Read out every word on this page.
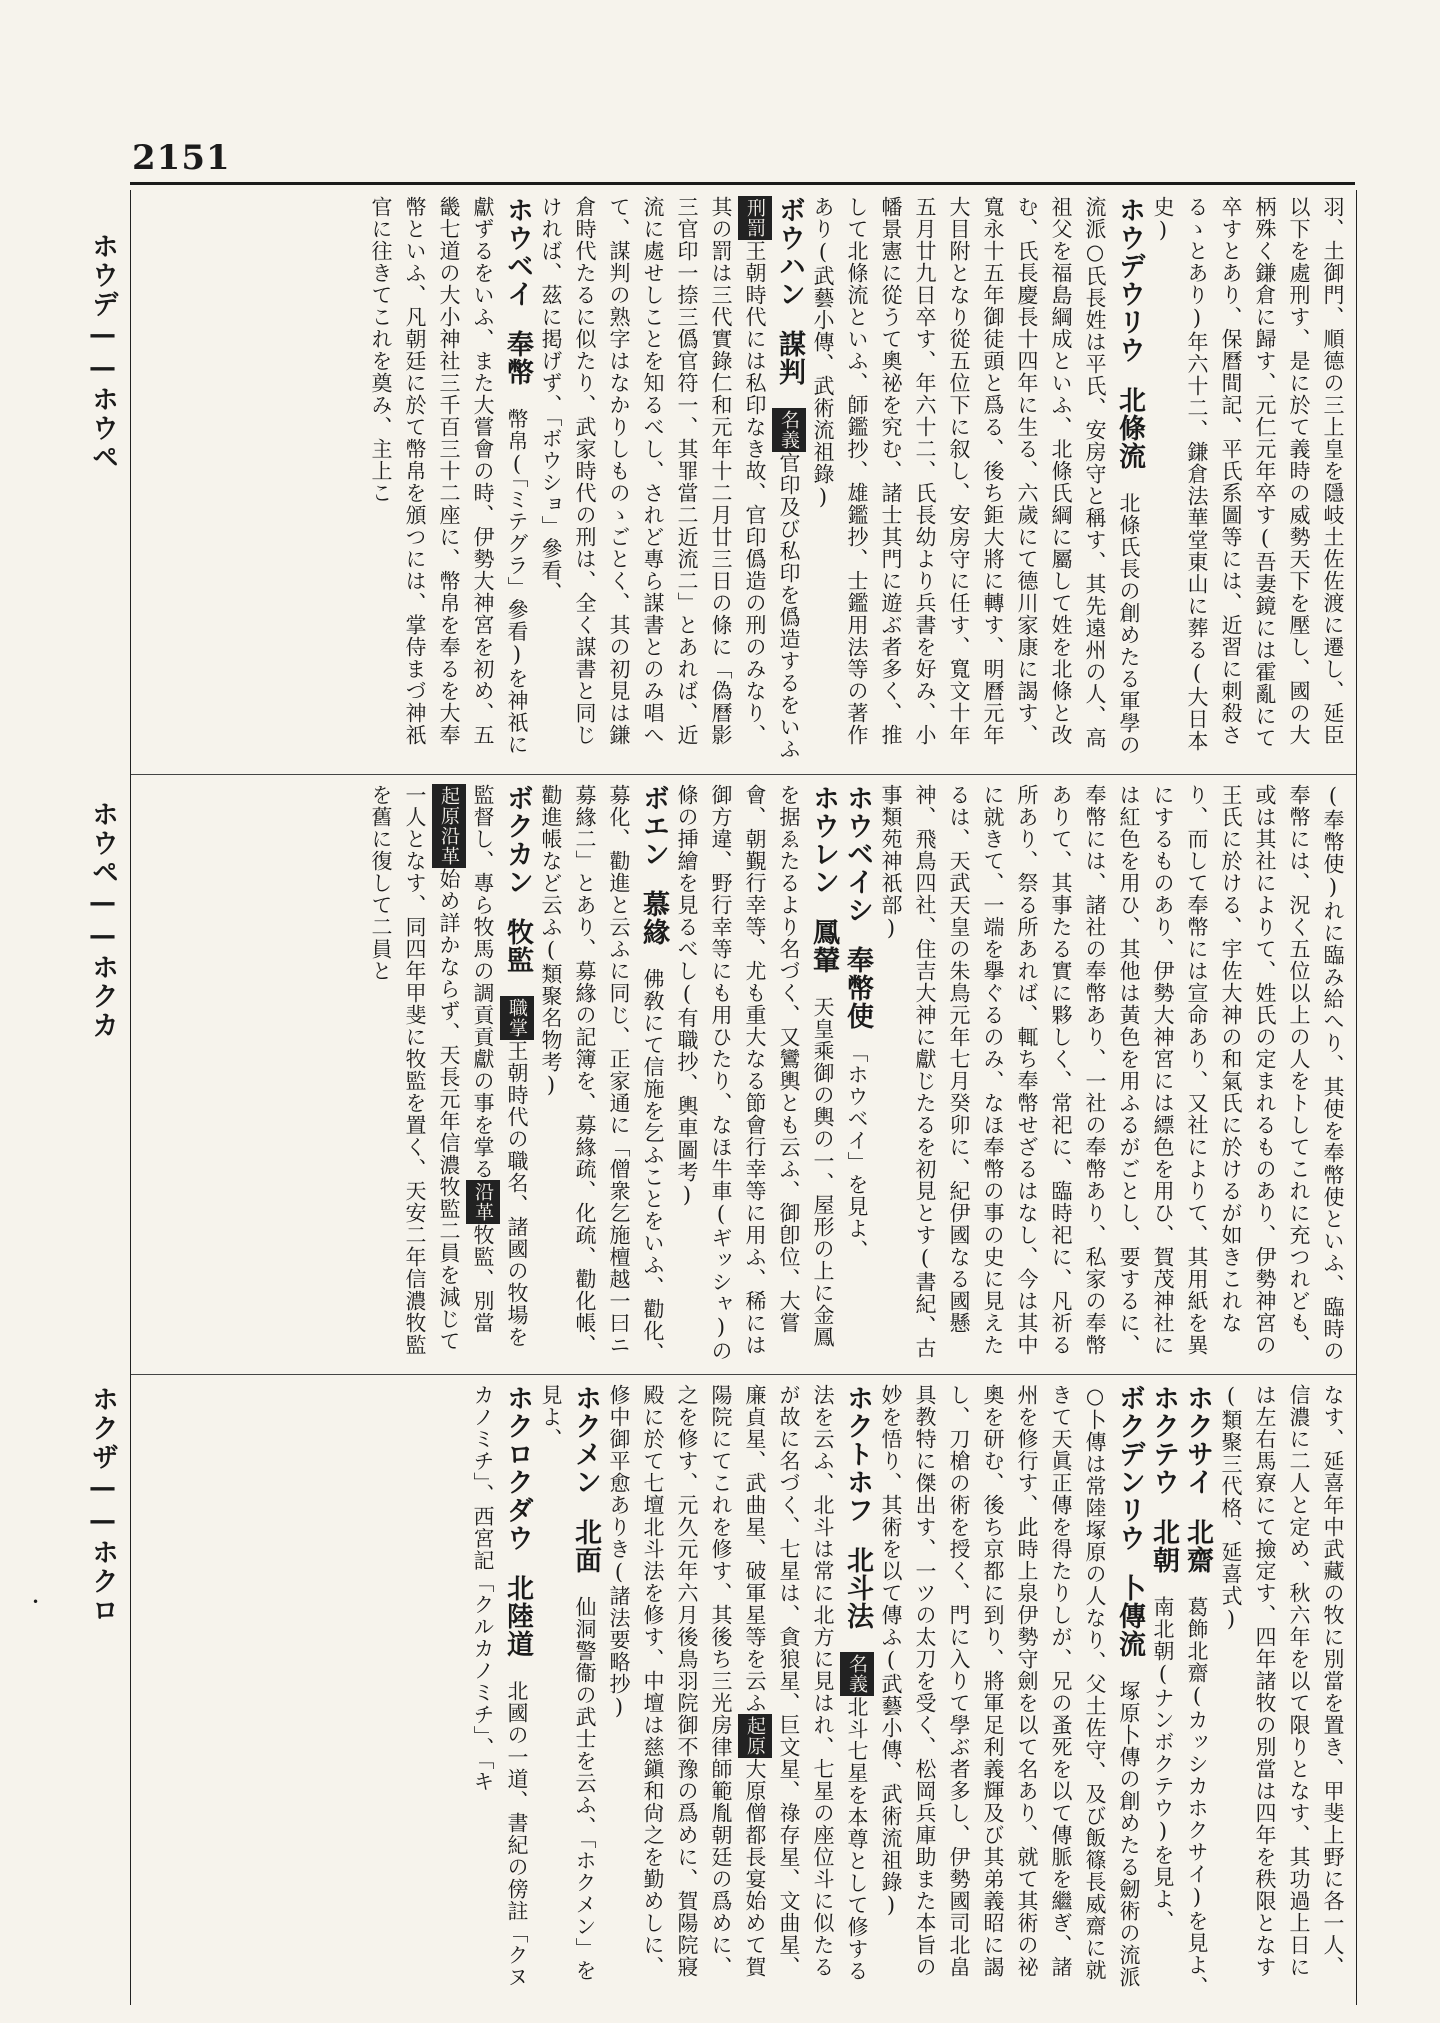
2151
ホウデ——ホウペ
ホウペ——ホクカ
ホクザ——ホクロ
•

羽、土御門、順德の三上皇を隱岐土佐佐渡に遷し、延臣以下を處刑す、是に於て義時の威勢天下を壓し、國の大柄殊く鎌倉に歸す、元仁元年卒す(吾妻鏡には霍亂にて卒すとあり、保曆間記、平氏系圖等には、近習に刺殺さるゝとあり)年六十二、鎌倉法華堂東山に葬る(大日本史)

ホウデウリウ　北條流　北條氏長の創めたる軍學の流派○氏長姓は平氏、安房守と稱す、其先遠州の人、高祖父を福島綱成といふ、北條氏綱に屬して姓を北條と改む、氏長慶長十四年に生る、六歲にて德川家康に謁す、寬永十五年御徒頭と爲る、後ち鉅大將に轉す、明曆元年大目附となり從五位下に叙し、安房守に任す、寬文十年五月廿九日卒す、年六十二、氏長幼より兵書を好み、小幡景憲に從うて奧祕を究む、諸士其門に遊ぶ者多く、推して北條流といふ、師鑑抄、雄鑑抄、士鑑用法等の著作あり(武藝小傳、武術流祖錄)

ボウハン　謀判　名義官印及び私印を僞造するをいふ刑罰王朝時代には私印なき故、官印僞造の刑のみなり、其の罰は三代實錄仁和元年十二月廿三日の條に「偽曆影三官印一捺三僞官符一、其罪當二近流二」とあれば、近流に處せしことを知るべし、されど專ら謀書とのみ唱へて、謀判の熟字はなかりしものゝごとく、其の初見は鎌倉時代たるに似たり、武家時代の刑は、全く謀書と同じければ、茲に掲げず、「ボウショ」參看、

ホウベイ　奉幣　幣帛(「ミテグラ」參看)を神祇に獻ずるをいふ、また大嘗會の時、伊勢大神宮を初め、五畿七道の大小神社三千百三十二座に、幣帛を奉るを大奉幣といふ、凡朝廷に於て幣帛を頒つには、掌侍まづ神祇官に往きてこれを奠み、主上こ

(奉幣使)れに臨み給へり、其使を奉幣使といふ、臨時の奉幣には、況く五位以上の人をトしてこれに充つれども、或は其社によりて、姓氏の定まれるものあり、伊勢神宮の王氏に於ける、宇佐大神の和氣氏に於けるが如きこれなり、而して奉幣には宣命あり、又社によりて、其用紙を異にするものあり、伊勢大神宮には縹色を用ひ、賀茂神社には紅色を用ひ、其他は黃色を用ふるがごとし、要するに、奉幣には、諸社の奉幣あり、一社の奉幣あり、私家の奉幣ありて、其事たる實に夥しく、常祀に、臨時祀に、凡祈る所あり、祭る所あれば、輒ち奉幣せざるはなし、今は其中に就きて、一端を擧ぐるのみ、なほ奉幣の事の史に見えたるは、天武天皇の朱鳥元年七月癸卯に、紀伊國なる國懸神、飛鳥四社、住吉大神に獻じたるを初見とす(書紀、古事類苑神祇部)

ホウベイシ　奉幣使　「ホウベイ」を見よ、

ホウレン　鳳輦　天皇乘御の輿の一、屋形の上に金鳳を据ゑたるより名づく、又鸞輿とも云ふ、御卽位、大嘗會、朝覲行幸等、尤も重大なる節會行幸等に用ふ、稀には御方違、野行幸等にも用ひたり、なほ牛車(ギッシャ)の條の挿繪を見るべし(有職抄、輿車圖考)

ボエン　慕緣　佛敎にて信施を乞ふことをいふ、勸化、募化、勸進と云ふに同じ、正家通に「僧衆乞施檀越一曰ニ募緣二」とあり、募緣の記簿を、募緣疏、化疏、勸化帳、勸進帳など云ふ(類聚名物考)

ボクカン　牧監　職掌王朝時代の職名、諸國の牧場を監督し、專ら牧馬の調貢貢獻の事を掌る沿革牧監、別當起原沿革始め詳かならず、天長元年信濃牧監二員を減じて一人となす、同四年甲斐に牧監を置く、天安二年信濃牧監を舊に復して二員と

なす、延喜年中武藏の牧に別當を置き、甲斐上野に各一人、信濃に二人と定め、秋六年を以て限りとなす、其功過上日には左右馬寮にて撿定す、四年諸牧の別當は四年を秩限となす(類聚三代格、延喜式)

ホクサイ　北齋　葛飾北齋(カッシカホクサイ)を見よ、

ホクテウ　北朝　南北朝(ナンボクテウ)を見よ、

ボクデンリウ　卜傳流　塚原卜傳の創めたる劒術の流派○卜傳は常陸塚原の人なり、父土佐守、及び飯篠長威齋に就きて天眞正傳を得たりしが、兄の蚤死を以て傳脈を繼ぎ、諸州を修行す、此時上泉伊勢守劍を以て名あり、就て其術の祕奧を研む、後ち京都に到り、將軍足利義輝及び其弟義昭に謁し、刀槍の術を授く、門に入りて學ぶ者多し、伊勢國司北畠具教特に傑出す、一ツの太刀を受く、松岡兵庫助また本旨の妙を悟り、其術を以て傳ふ(武藝小傳、武術流祖錄)

ホクトホフ　北斗法　名義北斗七星を本尊として修する法を云ふ、北斗は常に北方に見はれ、七星の座位斗に似たるが故に名づく、七星は、貪狼星、巨文星、祿存星、文曲星、廉貞星、武曲星、破軍星等を云ふ起原大原僧都長宴始めて賀陽院にてこれを修す、其後ち三光房律師範胤朝廷の爲めに、之を修す、元久元年六月後鳥羽院御不豫の爲めに、賀陽院寢殿に於て七壇北斗法を修す、中壇は慈鎭和尙之を勤めしに、修中御平愈ありき(諸法要略抄)

ホクメン　北面　仙洞警衞の武士を云ふ、「ホクメン」を見よ、

ホクロクダウ　北陸道　北國の一道、書紀の傍註「クヌカノミチ」、西宮記「クルカノミチ」、「キ
